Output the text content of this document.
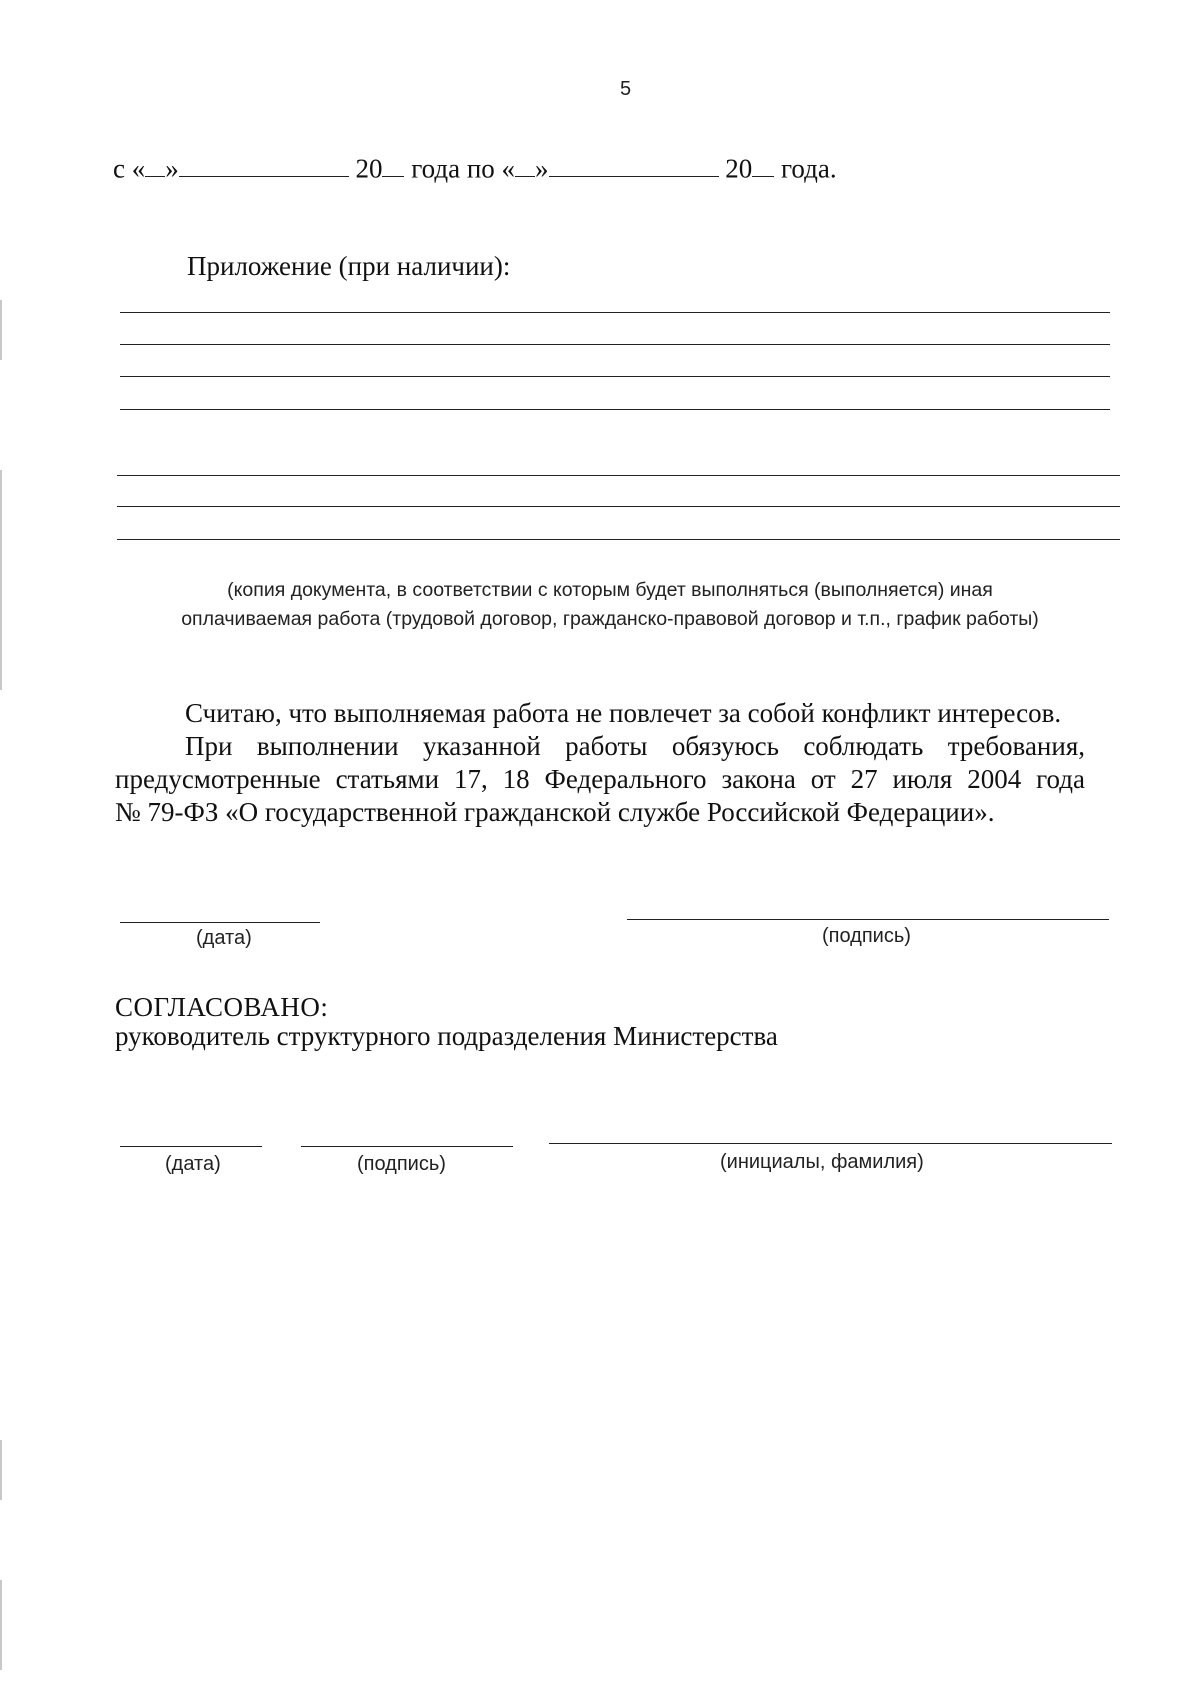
5
с « »	20 года по « »	20 года.
Приложение (при наличии):
(копия документа, в соответствии с которым будет выполняться (выполняется) иная
оплачиваемая работа (трудовой договор, гражданско-правовой договор и т.п., график работы)
Считаю, что выполняемая работа не повлечет за собой конфликт интересов.
При выполнении указанной работы обязуюсь соблюдать требования,
предусмотренные статьями 17, 18 Федерального закона от 27 июля 2004 года
№ 79-ФЗ «О государственной гражданской службе Российской Федерации».
(дата)	(подпись)
СОГЛАСОВАНО:
руководитель структурного подразделения Министерства
(дата)	(подпись)	(инициалы, фамилия)
